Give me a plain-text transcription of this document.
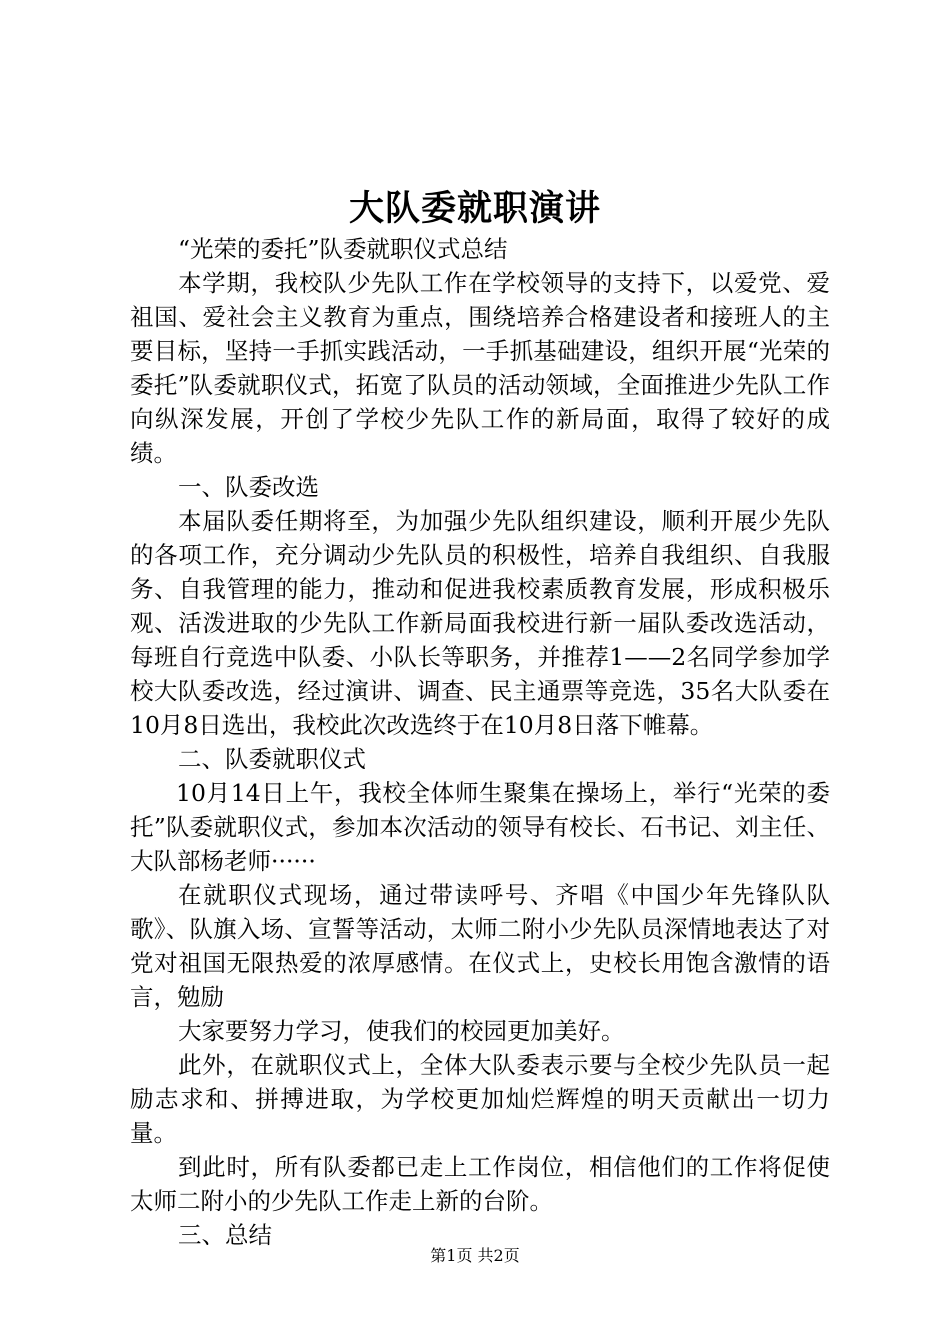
大队委就职演讲

“光荣的委托”队委就职仪式总结

本学期，我校队少先队工作在学校领导的支持下，以爱党、爱祖国、爱社会主义教育为重点，围绕培养合格建设者和接班人的主要目标，坚持一手抓实践活动，一手抓基础建设，组织开展“光荣的委托”队委就职仪式，拓宽了队员的活动领域，全面推进少先队工作向纵深发展，开创了学校少先队工作的新局面，取得了较好的成绩。

一、队委改选

本届队委任期将至，为加强少先队组织建设，顺利开展少先队的各项工作，充分调动少先队员的积极性，培养自我组织、自我服务、自我管理的能力，推动和促进我校素质教育发展，形成积极乐观、活泼进取的少先队工作新局面我校进行新一届队委改选活动，每班自行竞选中队委、小队长等职务，并推荐1——2名同学参加学校大队委改选，经过演讲、调查、民主通票等竞选，35名大队委在10月8日选出，我校此次改选终于在10月8日落下帷幕。

二、队委就职仪式

10月14日上午，我校全体师生聚集在操场上，举行“光荣的委托”队委就职仪式，参加本次活动的领导有校长、石书记、刘主任、大队部杨老师······

在就职仪式现场，通过带读呼号、齐唱《中国少年先锋队队歌》、队旗入场、宣誓等活动，太师二附小少先队员深情地表达了对党对祖国无限热爱的浓厚感情。在仪式上，史校长用饱含激情的语言，勉励

大家要努力学习，使我们的校园更加美好。

此外，在就职仪式上，全体大队委表示要与全校少先队员一起励志求和、拼搏进取，为学校更加灿烂辉煌的明天贡献出一切力量。

到此时，所有队委都已走上工作岗位，相信他们的工作将促使太师二附小的少先队工作走上新的台阶。

三、总结

第1页 共2页
